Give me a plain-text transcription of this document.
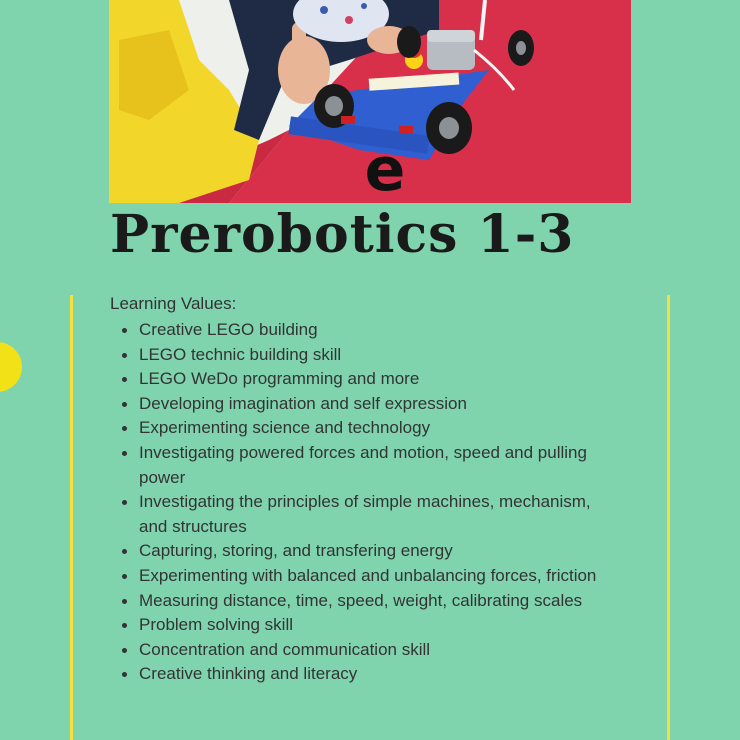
e
Prerobotics 1-3
Learning Values:
Creative LEGO building
LEGO technic building skill
LEGO WeDo programming and more
Developing imagination and self expression
Experimenting science and technology
Investigating powered forces and motion, speed and pulling power
Investigating the principles of simple machines, mechanism, and structures
Capturing, storing, and transfering energy
Experimenting with balanced and unbalancing forces, friction
Measuring distance, time, speed, weight, calibrating scales
Problem solving skill
Concentration and communication skill
Creative thinking and literacy
